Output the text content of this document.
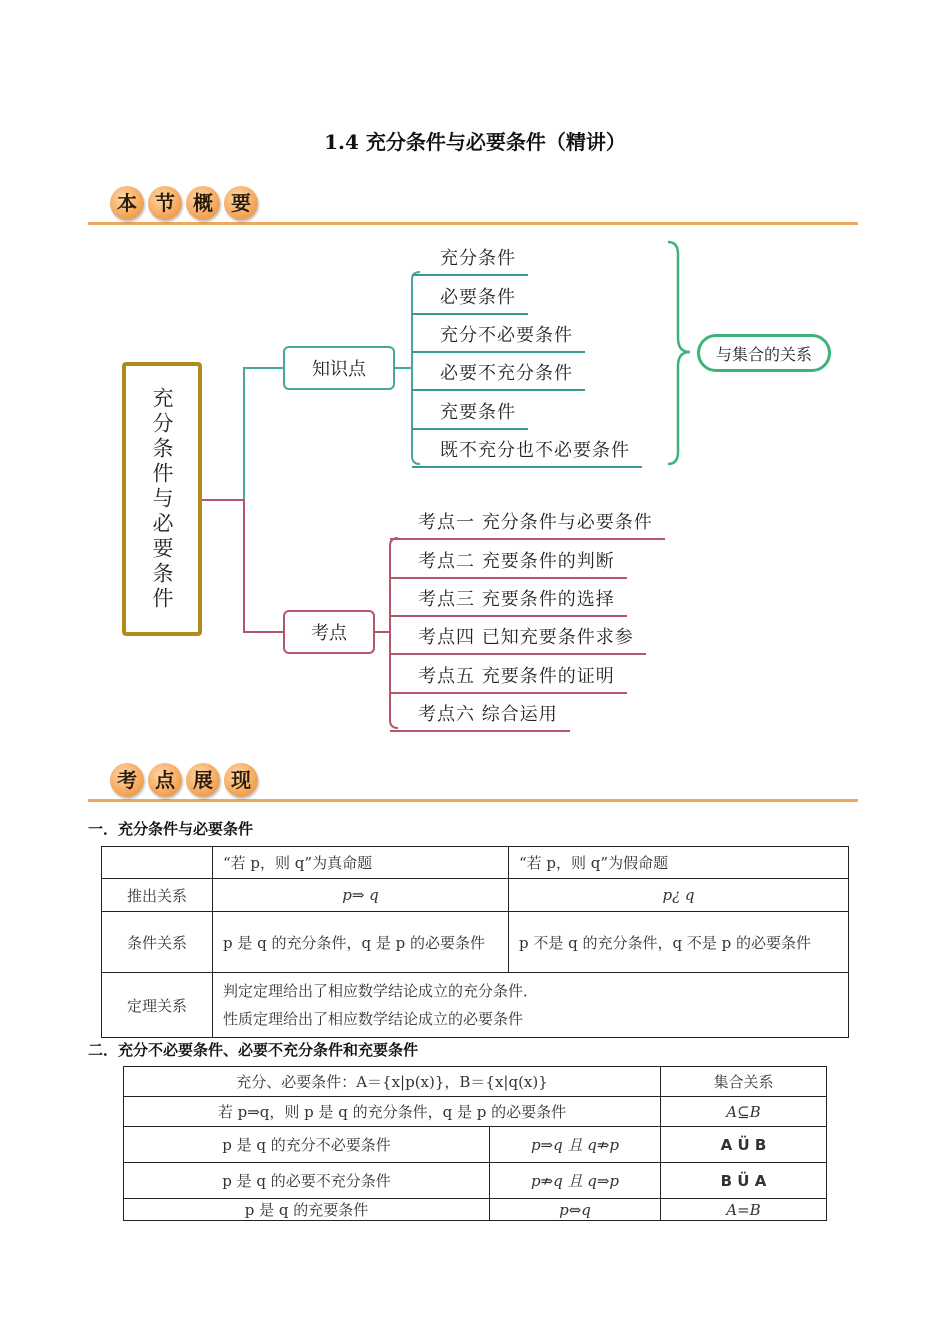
1.4 充分条件与必要条件（精讲）
本 节 概 要
充分条件与必要条件
知识点
考点
与集合的关系
充分条件
必要条件
充分不必要条件
必要不充分条件
充要条件
既不充分也不必要条件
考点一 充分条件与必要条件
考点二 充要条件的判断
考点三 充要条件的选择
考点四 已知充要条件求参
考点五 充要条件的证明
考点六 综合运用
考 点 展 现
一．充分条件与必要条件
	“若 p，则 q”为真命题	“若 p，则 q”为假命题
推出关系	p⇒ q	p¿ q
条件关系	p 是 q 的充分条件，q 是 p 的必要条件	p 不是 q 的充分条件，q 不是 p 的必要条件
定理关系	判定定理给出了相应数学结论成立的充分条件．
性质定理给出了相应数学结论成立的必要条件	
二．充分不必要条件、必要不充分条件和充要条件
充分、必要条件：A＝{x|p(x)}，B＝{x|q(x)}		集合关系
若 p⇒q，则 p 是 q 的充分条件，q 是 p 的必要条件		A⊆B
p 是 q 的充分不必要条件	p⇒q 且 q⇏p	A Ü B
p 是 q 的必要不充分条件	p⇏q 且 q⇒p	B Ü A
p 是 q 的充要条件	p⇔q	A=B
